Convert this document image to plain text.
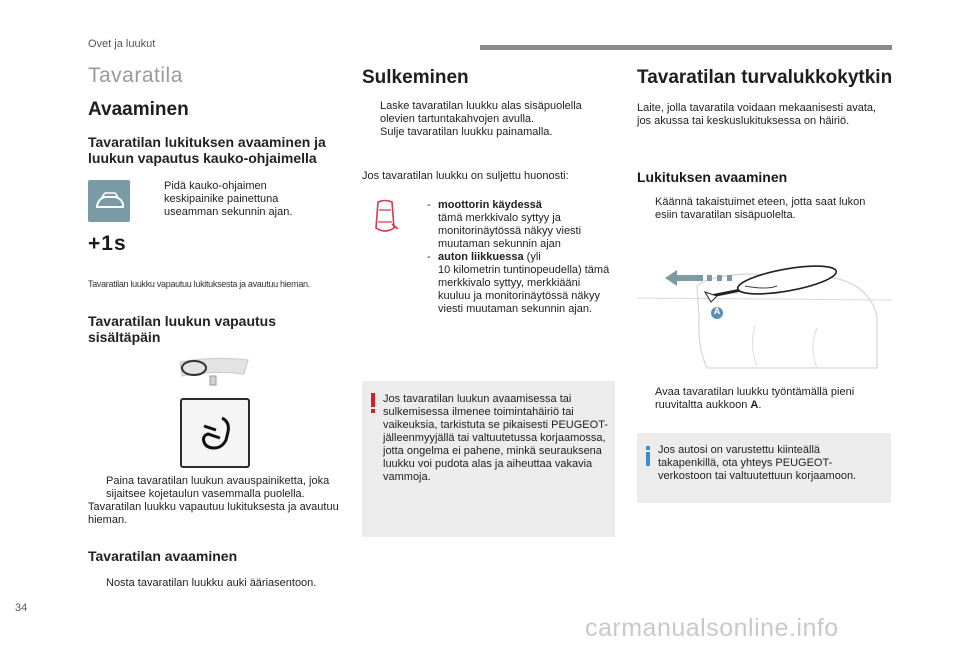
Ovet ja luukut
Tavaratila
Avaaminen
Tavaratilan lukituksen avaaminen ja luukun vapautus kauko-ohjaimella
Pidä kauko-ohjaimen keskipainike painettuna useamman sekunnin ajan.
+1s
Tavaratilan luukku vapautuu lukituksesta ja avautuu hieman.
Tavaratilan luukun vapautus sisältäpäin
Paina tavaratilan luukun avauspainiketta, joka sijaitsee kojetaulun vasemmalla puolella.
Tavaratilan luukku vapautuu lukituksesta ja avautuu hieman.
Tavaratilan avaaminen
Nosta tavaratilan luukku auki ääriasentoon.
Sulkeminen
Laske tavaratilan luukku alas sisäpuolella olevien tartuntakahvojen avulla.
Sulje tavaratilan luukku painamalla.
Jos tavaratilan luukku on suljettu huonosti:
- moottorin käydessä
tämä merkkivalo syttyy ja monitorinäytössä näkyy viesti muutaman sekunnin ajan
- auton liikkuessa (yli
10 kilometrin tuntinopeudella) tämä merkkivalo syttyy, merkkiääni kuuluu ja monitorinäytössä näkyy viesti muutaman sekunnin ajan.
Jos tavaratilan luukun avaamisessa tai sulkemisessa ilmenee toimintahäiriö tai vaikeuksia, tarkistuta se pikaisesti PEUGEOT-jälleenmyyjällä tai valtuutetussa korjaamossa, jotta ongelma ei pahene, minkä seurauksena luukku voi pudota alas ja aiheuttaa vakavia vammoja.
Tavaratilan turvalukkokytkin
Laite, jolla tavaratila voidaan mekaanisesti avata, jos akussa tai keskuslukituksessa on häiriö.
Lukituksen avaaminen
Käännä takaistuimet eteen, jotta saat lukon esiin tavaratilan sisäpuolelta.
A
Avaa tavaratilan luukku työntämällä pieni ruuvitaltta aukkoon A.
Jos autosi on varustettu kiinteällä takapenkillä, ota yhteys PEUGEOT-verkostoon tai valtuutettuun korjaamoon.
34
carmanualsonline.info
